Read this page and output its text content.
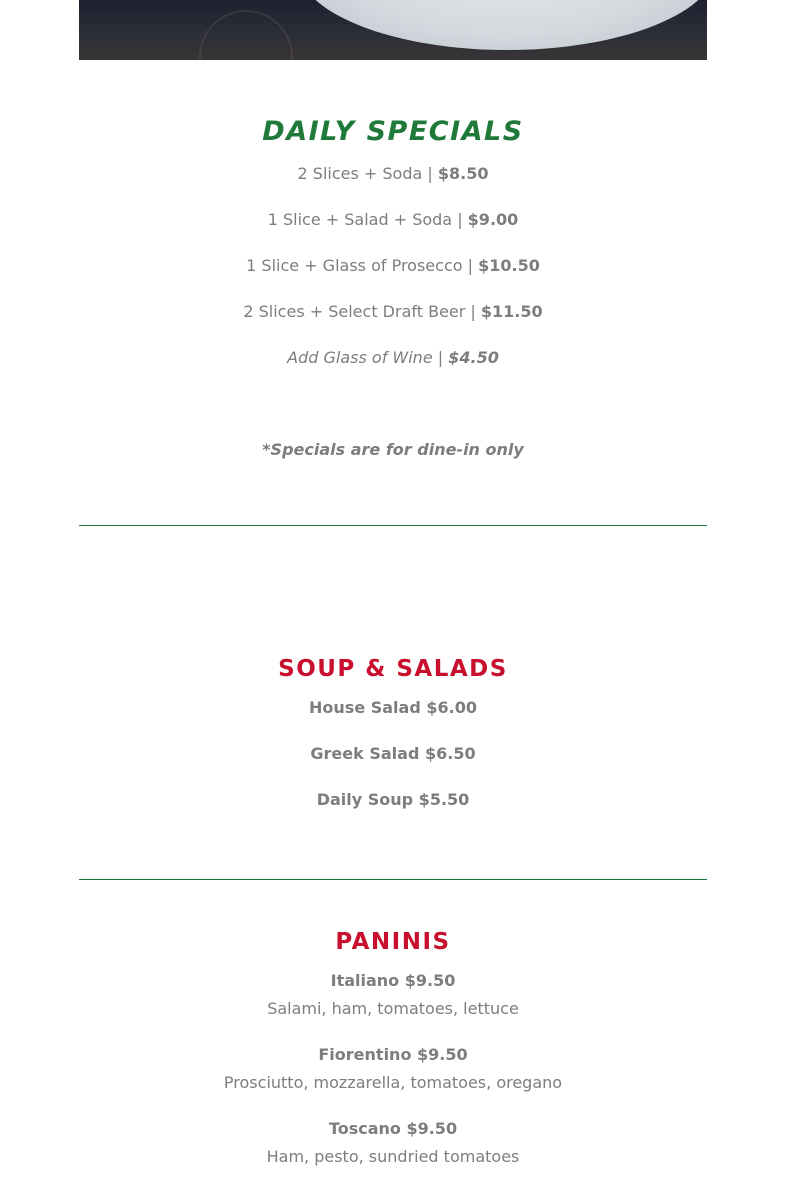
DAILY SPECIALS
2 Slices + Soda | $8.50
1 Slice + Salad + Soda | $9.00
1 Slice + Glass of Prosecco | $10.50
2 Slices + Select Draft Beer | $11.50
Add Glass of Wine | $4.50
*Specials are for dine-in only
SOUP & SALADS
House Salad $6.00
Greek Salad $6.50
Daily Soup $5.50
PANINIS
Italiano $9.50
Salami, ham, tomatoes, lettuce
Fiorentino $9.50
Prosciutto, mozzarella, tomatoes, oregano
Toscano $9.50
Ham, pesto, sundried tomatoes
